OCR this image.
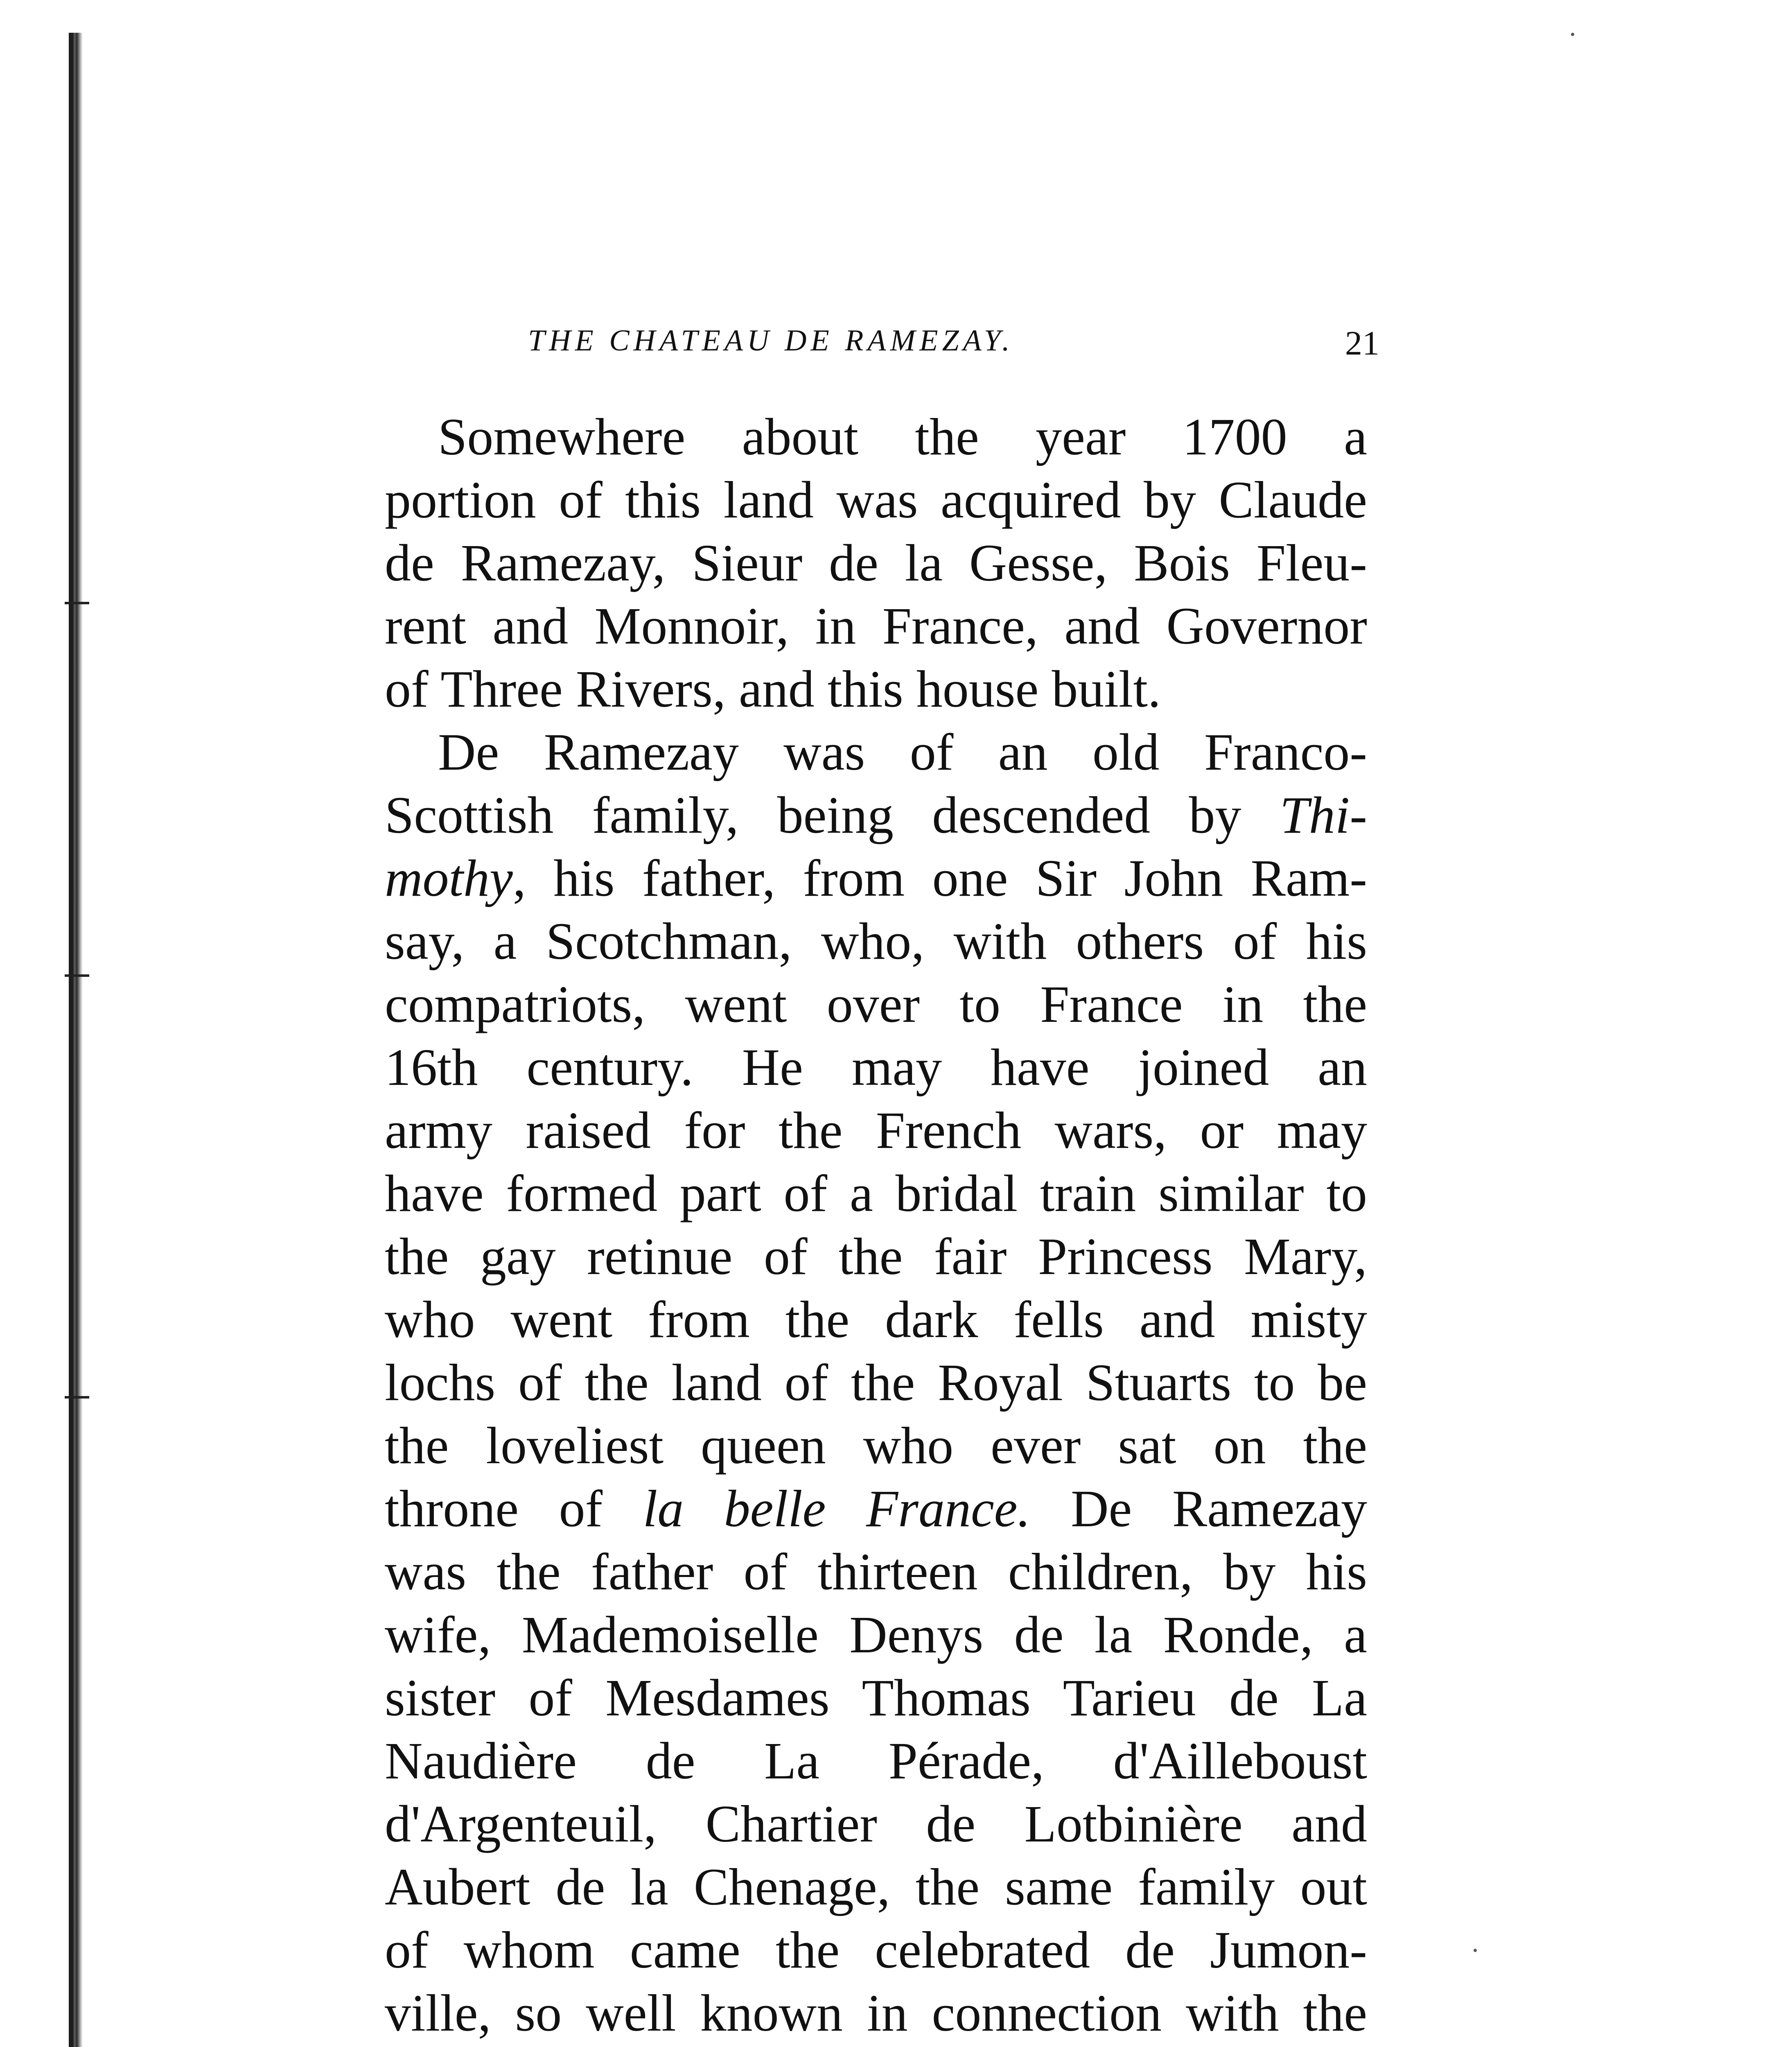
THE CHATEAU DE RAMEZAY.	21
Somewhere about the year 1700 a
portion of this land was acquired by Claude
de Ramezay, Sieur de la Gesse, Bois Fleu-
rent and Monnoir, in France, and Governor
of Three Rivers, and this house built.
De Ramezay was of an old Franco-
Scottish family, being descended by Thi-
mothy, his father, from one Sir John Ram-
say, a Scotchman, who, with others of his
compatriots, went over to France in the
16th century. He may have joined an
army raised for the French wars, or may
have formed part of a bridal train similar to
the gay retinue of the fair Princess Mary,
who went from the dark fells and misty
lochs of the land of the Royal Stuarts to be
the loveliest queen who ever sat on the
throne of la belle France. De Ramezay
was the father of thirteen children, by his
wife, Mademoiselle Denys de la Ronde, a
sister of Mesdames Thomas Tarieu de La
Naudière de La Pérade, d'Ailleboust
d'Argenteuil, Chartier de Lotbinière and
Aubert de la Chenage, the same family out
of whom came the celebrated de Jumon-
ville, so well known in connection with the
